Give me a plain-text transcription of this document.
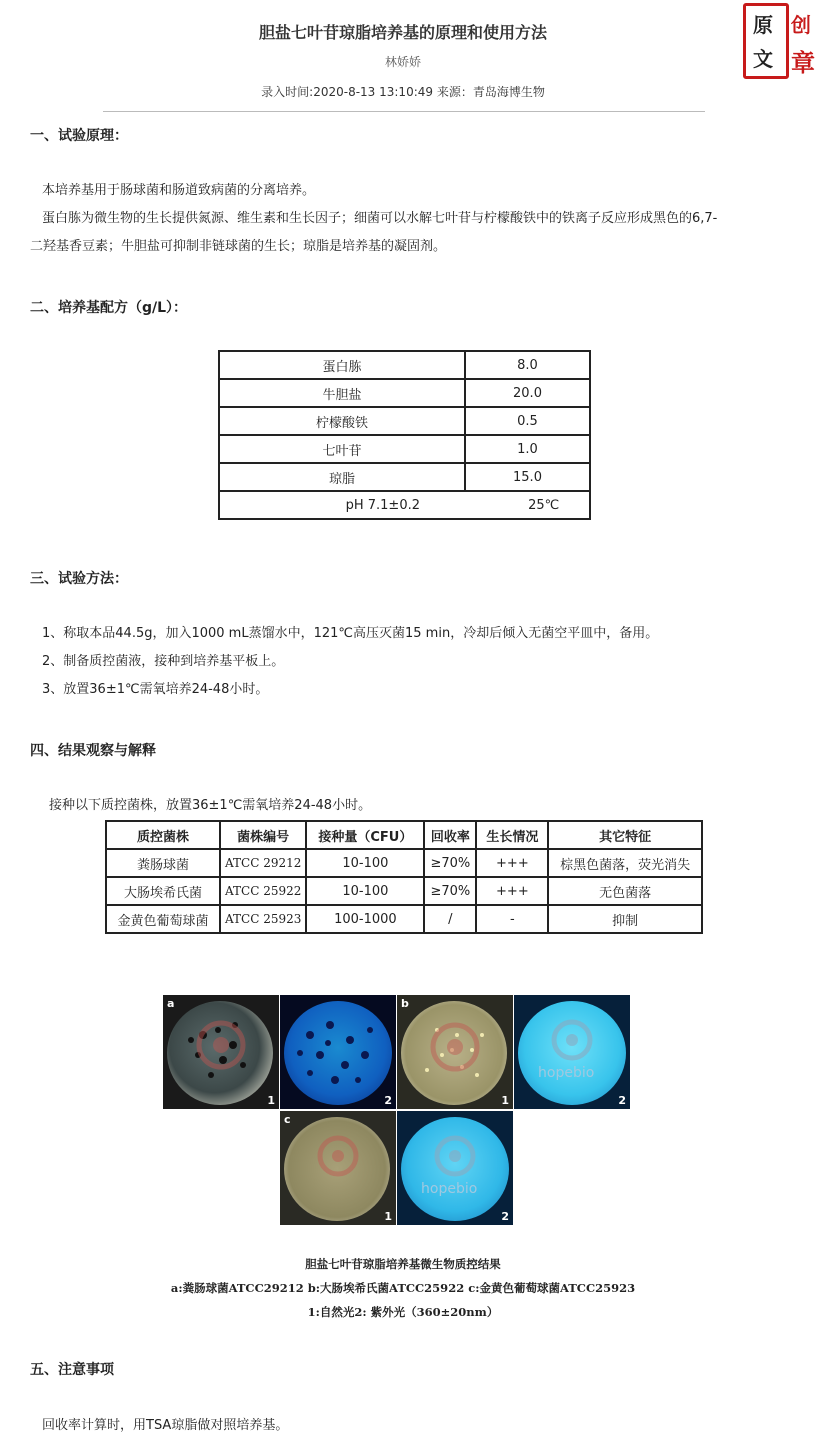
胆盐七叶苷琼脂培养基的原理和使用方法
林娇娇
录入时间:2020-8-13 13:10:49 来源：青岛海博生物
原 创
文 章
一、试验原理：

本培养基用于肠球菌和肠道致病菌的分离培养。

蛋白胨为微生物的生长提供氮源、维生素和生长因子；细菌可以水解七叶苷与柠檬酸铁中的铁离子反应形成黑色的6,7-

二羟基香豆素；牛胆盐可抑制非链球菌的生长；琼脂是培养基的凝固剂。

二、培养基配方（g/L）：
蛋白胨	8.0
牛胆盐	20.0
柠檬酸铁	0.5
七叶苷	1.0
琼脂	15.0
pH 7.1±0.2 25℃	
三、试验方法：

1、称取本品44.5g，加入1000 mL蒸馏水中，121℃高压灭菌15 min，冷却后倾入无菌空平皿中，备用。

2、制备质控菌液，接种到培养基平板上。

3、放置36±1℃需氧培养24-48小时。

四、结果观察与解释
接种以下质控菌株，放置36±1℃需氧培养24-48小时。
质控菌株	菌株编号	接种量（CFU）	回收率	生长情况	其它特征
粪肠球菌	ATCC 29212	10-100	≥70%	+++	棕黑色菌落，荧光消失
大肠埃希氏菌	ATCC 25922	10-100	≥70%	+++	无色菌落
金黄色葡萄球菌	ATCC 25923	100-1000	/	-	抑制
a
1	2
b
1
hopebio
2
c
1
hopebio
2
胆盐七叶苷琼脂培养基微生物质控结果
a:粪肠球菌ATCC29212 b:大肠埃希氏菌ATCC25922 c:金黄色葡萄球菌ATCC25923
1:自然光2: 紫外光（360±20nm）
五、注意事项
回收率计算时，用TSA琼脂做对照培养基。
